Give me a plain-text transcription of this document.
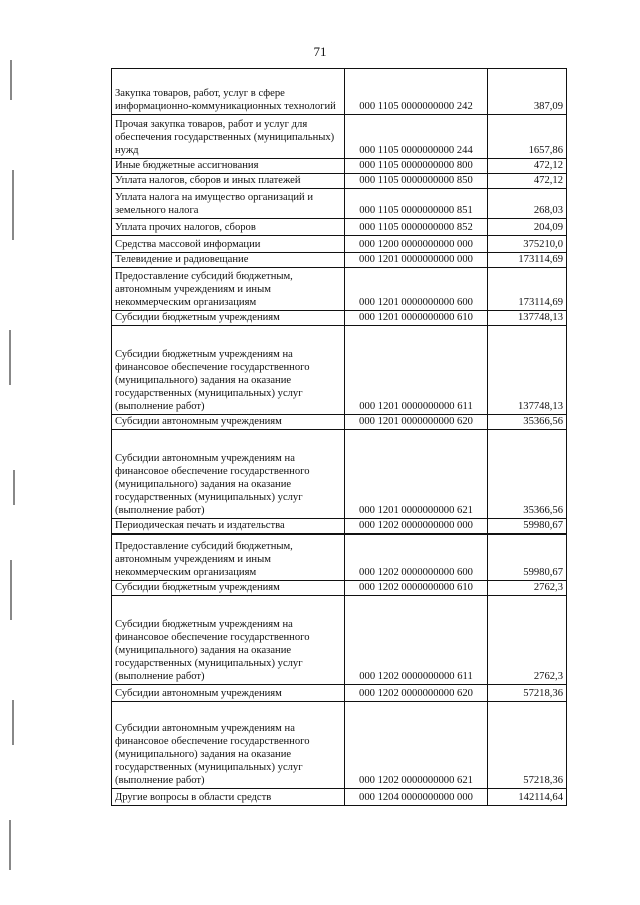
71
Закупка товаров, работ, услуг в сфере информационно-коммуникационных технологий	000 1105 0000000000 242	387,09
Прочая закупка товаров, работ и услуг для обеспечения государственных (муниципальных) нужд	000 1105 0000000000 244	1657,86
Иные бюджетные ассигнования	000 1105 0000000000 800	472,12
Уплата налогов, сборов и иных платежей	000 1105 0000000000 850	472,12
Уплата налога на имущество организаций и земельного налога	000 1105 0000000000 851	268,03
Уплата прочих налогов, сборов	000 1105 0000000000 852	204,09
Средства массовой информации	000 1200 0000000000 000	375210,0
Телевидение и радиовещание	000 1201 0000000000 000	173114,69
Предоставление субсидий бюджетным, автономным учреждениям и иным некоммерческим организациям	000 1201 0000000000 600	173114,69
Субсидии бюджетным учреждениям	000 1201 0000000000 610	137748,13
Субсидии бюджетным учреждениям на финансовое обеспечение государственного (муниципального) задания на оказание государственных (муниципальных) услуг (выполнение работ)	000 1201 0000000000 611	137748,13
Субсидии автономным учреждениям	000 1201 0000000000 620	35366,56
Субсидии автономным учреждениям на финансовое обеспечение государственного (муниципального) задания на оказание государственных (муниципальных) услуг (выполнение работ)	000 1201 0000000000 621	35366,56
Периодическая печать и издательства	000 1202 0000000000 000	59980,67
Предоставление субсидий бюджетным, автономным учреждениям и иным некоммерческим организациям	000 1202 0000000000 600	59980,67
Субсидии бюджетным учреждениям	000 1202 0000000000 610	2762,3
Субсидии бюджетным учреждениям на финансовое обеспечение государственного (муниципального) задания на оказание государственных (муниципальных) услуг (выполнение работ)	000 1202 0000000000 611	2762,3
Субсидии автономным учреждениям	000 1202 0000000000 620	57218,36
Субсидии автономным учреждениям на финансовое обеспечение государственного (муниципального) задания на оказание государственных (муниципальных) услуг (выполнение работ)	000 1202 0000000000 621	57218,36
Другие вопросы в области средств	000 1204 0000000000 000	142114,64
